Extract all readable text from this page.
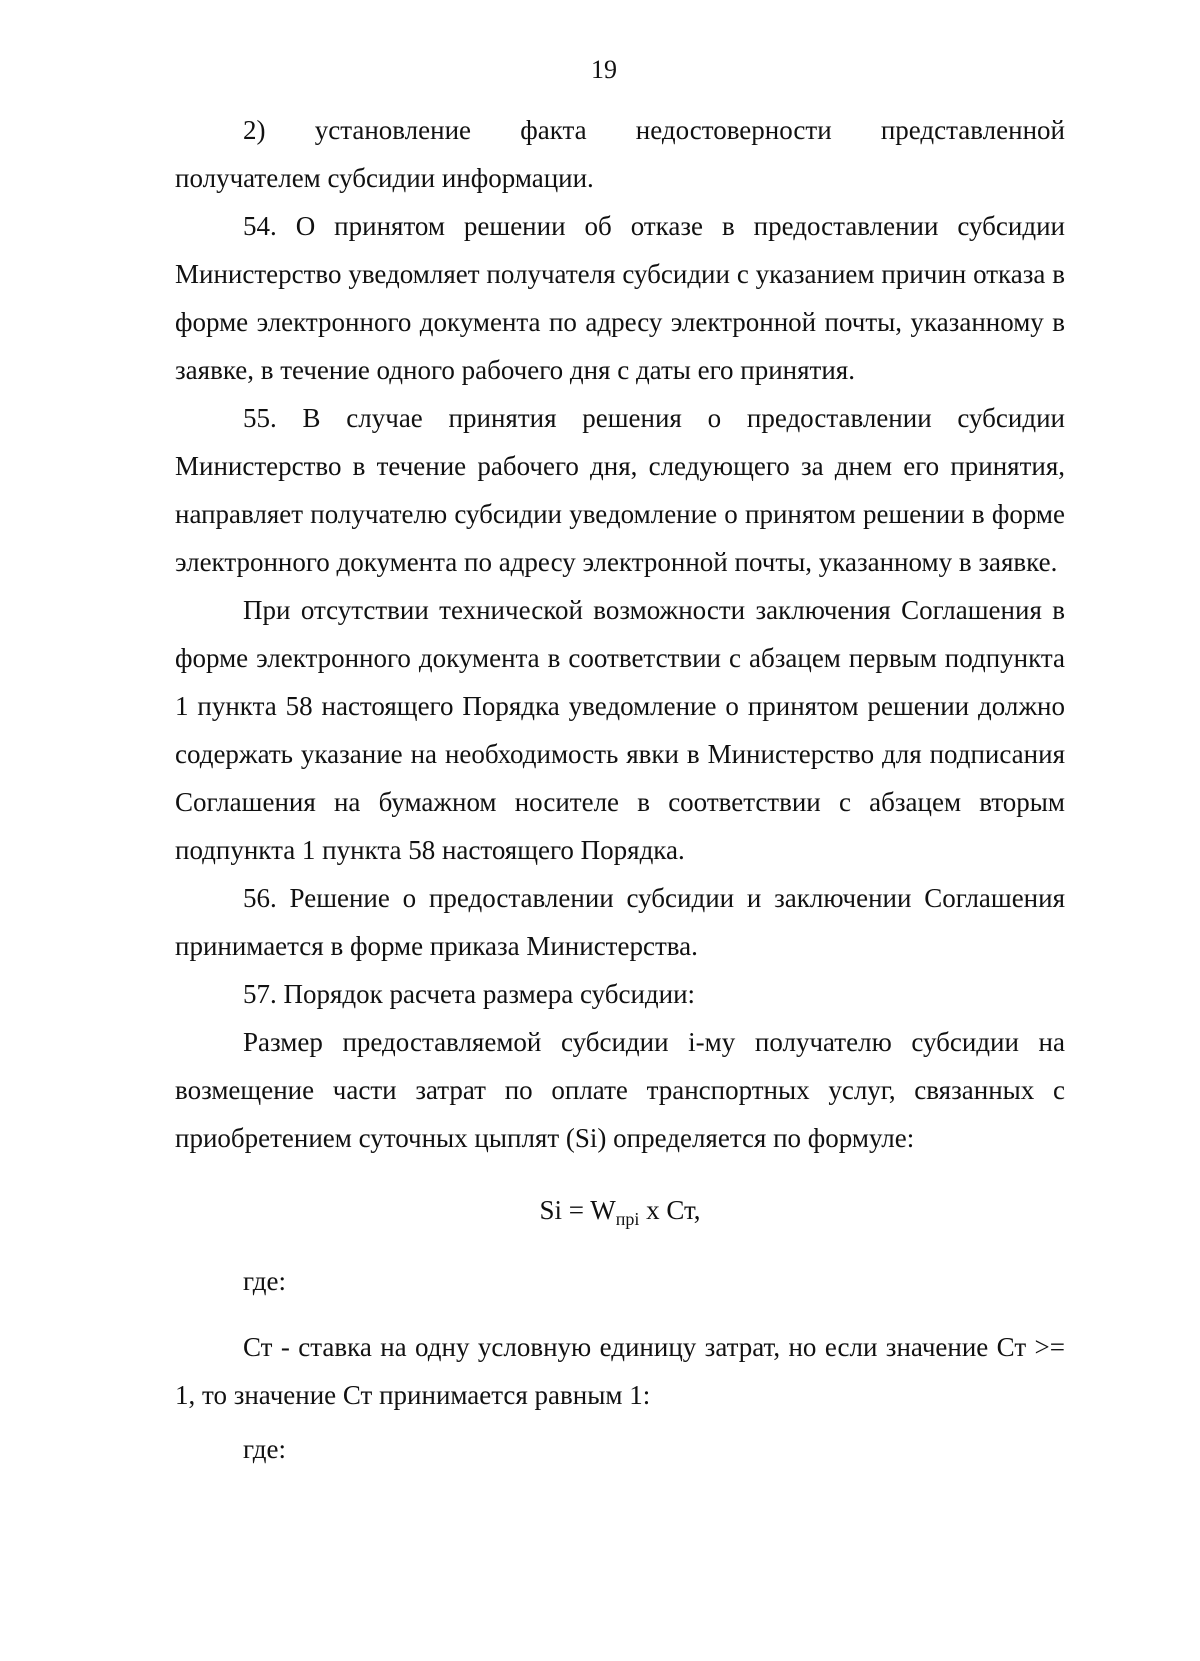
19
2) установление факта недостоверности представленной

получателем субсидии информации.

54. О принятом решении об отказе в предоставлении субсидии Министерство уведомляет получателя субсидии с указанием причин отказа в форме электронного документа по адресу электронной почты, указанному в заявке, в течение одного рабочего дня с даты его принятия.

55. В случае принятия решения о предоставлении субсидии Министерство в течение рабочего дня, следующего за днем его принятия, направляет получателю субсидии уведомление о принятом решении в форме электронного документа по адресу электронной почты, указанному в заявке.

При отсутствии технической возможности заключения Соглашения в форме электронного документа в соответствии с абзацем первым подпункта 1 пункта 58 настоящего Порядка уведомление о принятом решении должно содержать указание на необходимость явки в Министерство для подписания Соглашения на бумажном носителе в соответствии с абзацем вторым подпункта 1 пункта 58 настоящего Порядка.

56. Решение о предоставлении субсидии и заключении Соглашения принимается в форме приказа Министерства.

57. Порядок расчета размера субсидии:

Размер предоставляемой субсидии i-му получателю субсидии на возмещение части затрат по оплате транспортных услуг, связанных с приобретением суточных цыплят (Si) определяется по формуле:

$Si = W_{прi}$ x Ст,

где:

Ст - ставка на одну условную единицу затрат, но если значение Ст >= 1, то значение Ст принимается равным 1:

где:
